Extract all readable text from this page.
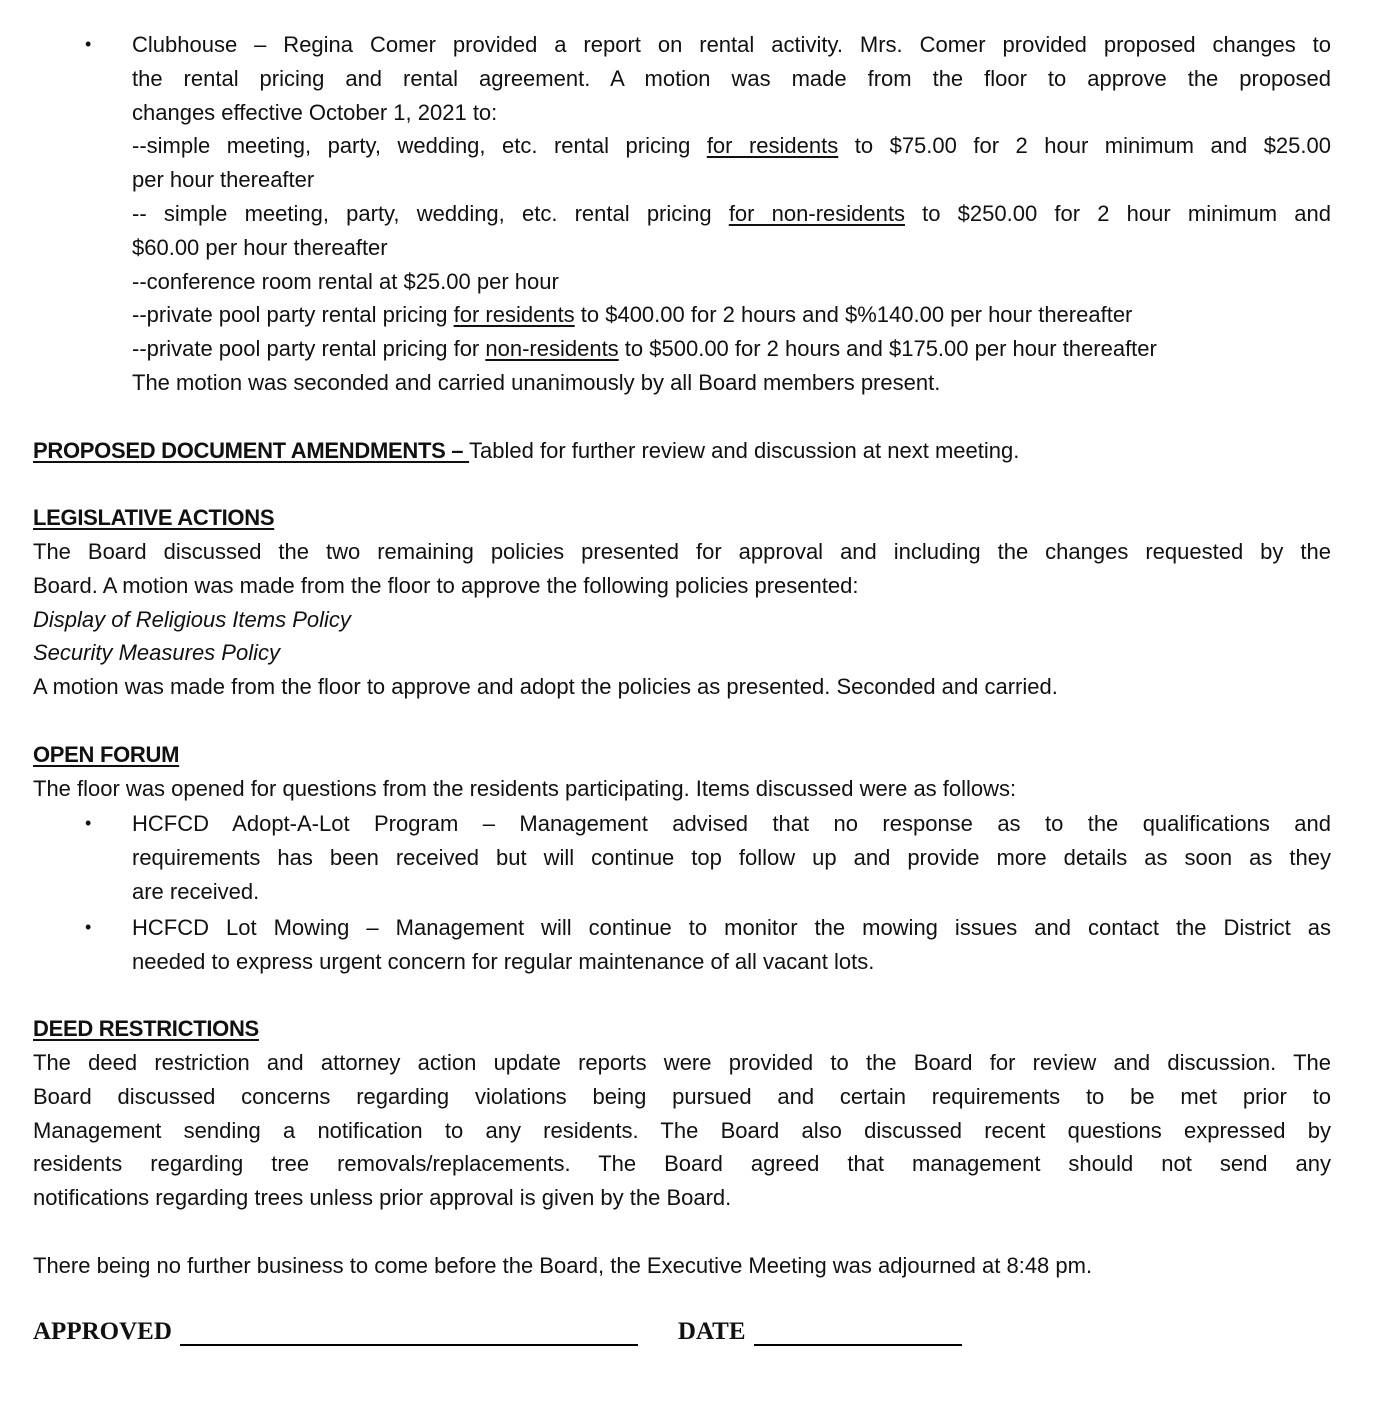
• Clubhouse – Regina Comer provided a report on rental activity. Mrs. Comer provided proposed changes to
the rental pricing and rental agreement. A motion was made from the floor to approve the proposed
changes effective October 1, 2021 to:
--simple meeting, party, wedding, etc. rental pricing for residents to $75.00 for 2 hour minimum and $25.00
per hour thereafter
-- simple meeting, party, wedding, etc. rental pricing for non-residents to $250.00 for 2 hour minimum and
$60.00 per hour thereafter
--conference room rental at $25.00 per hour
--private pool party rental pricing for residents to $400.00 for 2 hours and $%140.00 per hour thereafter
--private pool party rental pricing for non-residents to $500.00 for 2 hours and $175.00 per hour thereafter
The motion was seconded and carried unanimously by all Board members present.
PROPOSED DOCUMENT AMENDMENTS – Tabled for further review and discussion at next meeting.
LEGISLATIVE ACTIONS
The Board discussed the two remaining policies presented for approval and including the changes requested by the
Board. A motion was made from the floor to approve the following policies presented:
Display of Religious Items Policy
Security Measures Policy
A motion was made from the floor to approve and adopt the policies as presented. Seconded and carried.
OPEN FORUM
The floor was opened for questions from the residents participating. Items discussed were as follows:
• HCFCD Adopt-A-Lot Program – Management advised that no response as to the qualifications and
requirements has been received but will continue top follow up and provide more details as soon as they
are received.
• HCFCD Lot Mowing – Management will continue to monitor the mowing issues and contact the District as
needed to express urgent concern for regular maintenance of all vacant lots.
DEED RESTRICTIONS
The deed restriction and attorney action update reports were provided to the Board for review and discussion. The
Board discussed concerns regarding violations being pursued and certain requirements to be met prior to
Management sending a notification to any residents. The Board also discussed recent questions expressed by
residents regarding tree removals/replacements. The Board agreed that management should not send any
notifications regarding trees unless prior approval is given by the Board.
There being no further business to come before the Board, the Executive Meeting was adjourned at 8:48 pm.
APPROVED	DATE
